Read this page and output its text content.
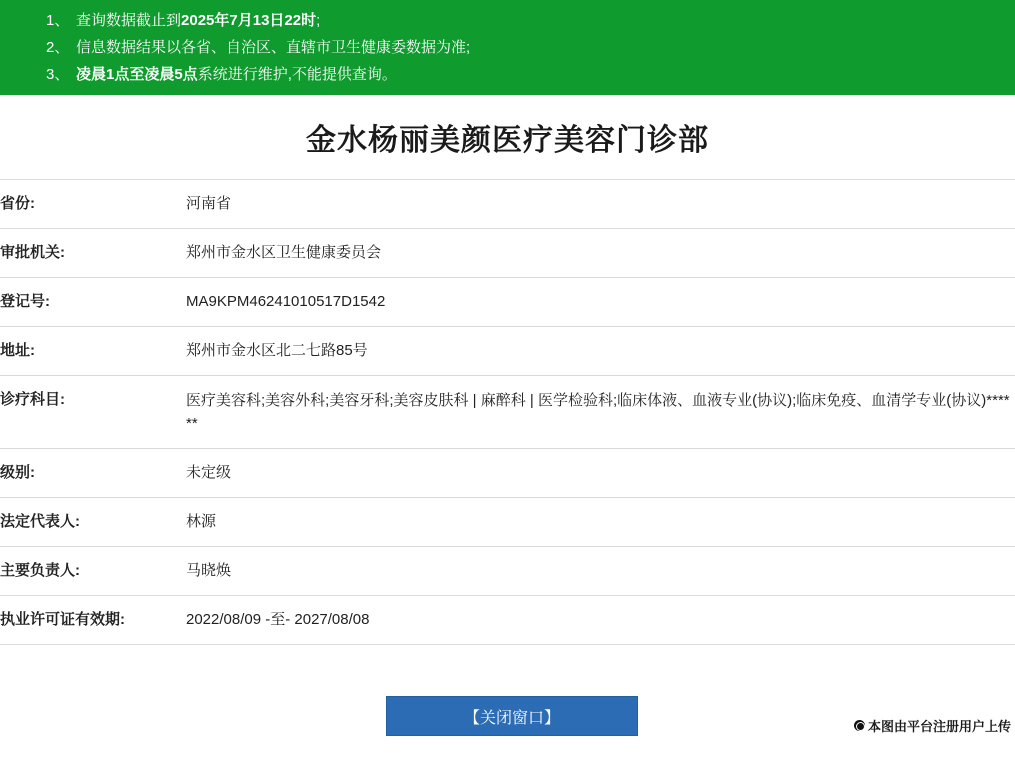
1、 查询数据截止到2025年7月13日22时;
2、 信息数据结果以各省、自治区、直辖市卫生健康委数据为准;
3、 凌晨1点至凌晨5点系统进行维护,不能提供查询。
金水杨丽美颜医疗美容门诊部
省份:	河南省
审批机关:	郑州市金水区卫生健康委员会
登记号:	MA9KPM46241010517D1542
地址:	郑州市金水区北二七路85号
诊疗科目:	医疗美容科;美容外科;美容牙科;美容皮肤科 | 麻醉科 | 医学检验科;临床体液、血液专业(协议);临床免疫、血清学专业(协议)******
级别:	未定级
法定代表人:	林源
主要负责人:	马晓焕
执业许可证有效期:	2022/08/09 -至- 2027/08/08
【关闭窗口】	本图由平台注册用户上传
